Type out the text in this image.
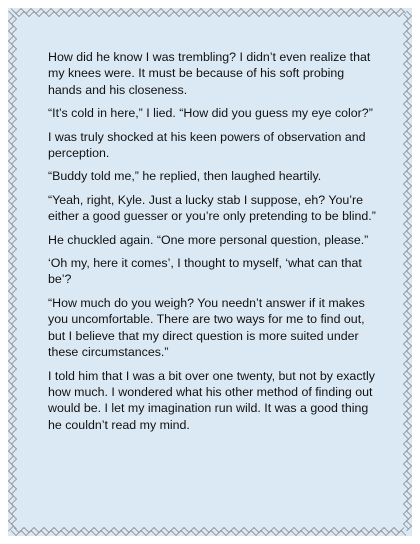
How did he know I was trembling? I didn’t even realize that my knees were. It must be because of his soft probing hands and his closeness.

“It’s cold in here,” I lied. “How did you guess my eye color?”

I was truly shocked at his keen powers of observation and perception.

“Buddy told me,” he replied, then laughed heartily.

“Yeah, right, Kyle. Just a lucky stab I suppose, eh? You’re either a good guesser or you’re only pretending to be blind.”

He chuckled again. “One more personal question, please.”

‘Oh my, here it comes’, I thought to myself, ‘what can that be’?

“How much do you weigh? You needn’t answer if it makes you uncomfortable. There are two ways for me to find out, but I believe that my direct question is more suited under these circumstances.”

I told him that I was a bit over one twenty, but not by exactly how much. I wondered what his other method of finding out would be. I let my imagination run wild. It was a good thing he couldn’t read my mind.
